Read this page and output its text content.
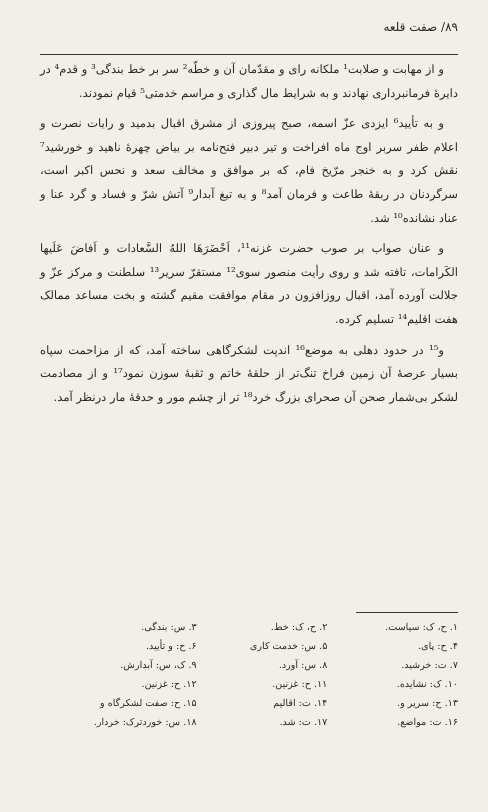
۸۹/ صفت قلعه

و از مهابت و صلابت¹ ملکانه رای و مقدّمان آن و خطّه² سر بر خط بندگی³ و قدم⁴ در دایرهٔ فرمانبرداری نهادند و به شرایط مال گذاری و مراسم خدمتی⁵ قیام نمودند.

و به تأیید⁶ ایزدی عزّ اسمه، صبح پیروزی از مشرق اقبال بدمید و رایات نصرت و اعلام ظفر سربر اوج ماه افراخت و تیر دبیر فتح‌نامه بر بیاض چهرهٔ ناهید و خورشید⁷ نقش کرد و به خنجر مرّیخ فام، که بر موافق و مخالف سعد و نحس اکبر است، سرگردنان در ربقهٔ طاعت و فرمان آمد⁸ و به تیغ آبدار⁹ آتش شرّ و فساد و گرد عنا و عناد نشانده¹⁰ شد.

و عنان صواب بر صوب حضرت غزنه¹¹، اَحْضَرَهَا اللهُ السَّعادات و اَفاضَ عَلَیها الکَرامات، تافته شد و روی رأیت منصور سوی¹² مستقرّ سریر¹³ سلطنت و مرکز عزّ و جلالت آورده آمد، اقبال روزافزون در مقام موافقت مقیم گشته و بخت مساعد ممالک هفت اقلیم¹⁴ تسلیم کرده.

و¹⁵ در حدود دهلی به موضع¹⁶ اندپت لشکرگاهی ساخته آمد، که از مزاحمت سپاه بسیار عرصهٔ آن زمین فراخ تنگ‌تر از حلقهٔ خاتم و ثقبهٔ سوزن نمود¹⁷ و از مصادمت لشکر بی‌شمار صحن آن صحرای بزرگ خرد¹⁸ تر از چشم مور و حدقهٔ مار درنظر آمد.

۱. ح، ک: سیاست.
۲. ح، ک: خط.
۳. س: بندگی.
۴. ح: پای.
۵. س: خدمت کاری
۶. ح: و تأیید.
۷. ت: خرشید.
۸. س: آورد.
۹. ک، س: آبدارش.
۱۰. ک: نشایده.
۱۱. ح: غزنین.
۱۲. ح: غزنین.
۱۳. ح: سریر و.
۱۴. ت: اقالیم
۱۵. ح: صفت لشکرگاه و
۱۶. ت: مواضع.
۱۷. ت: شد.
۱۸. س: خوردترک: خردار.
